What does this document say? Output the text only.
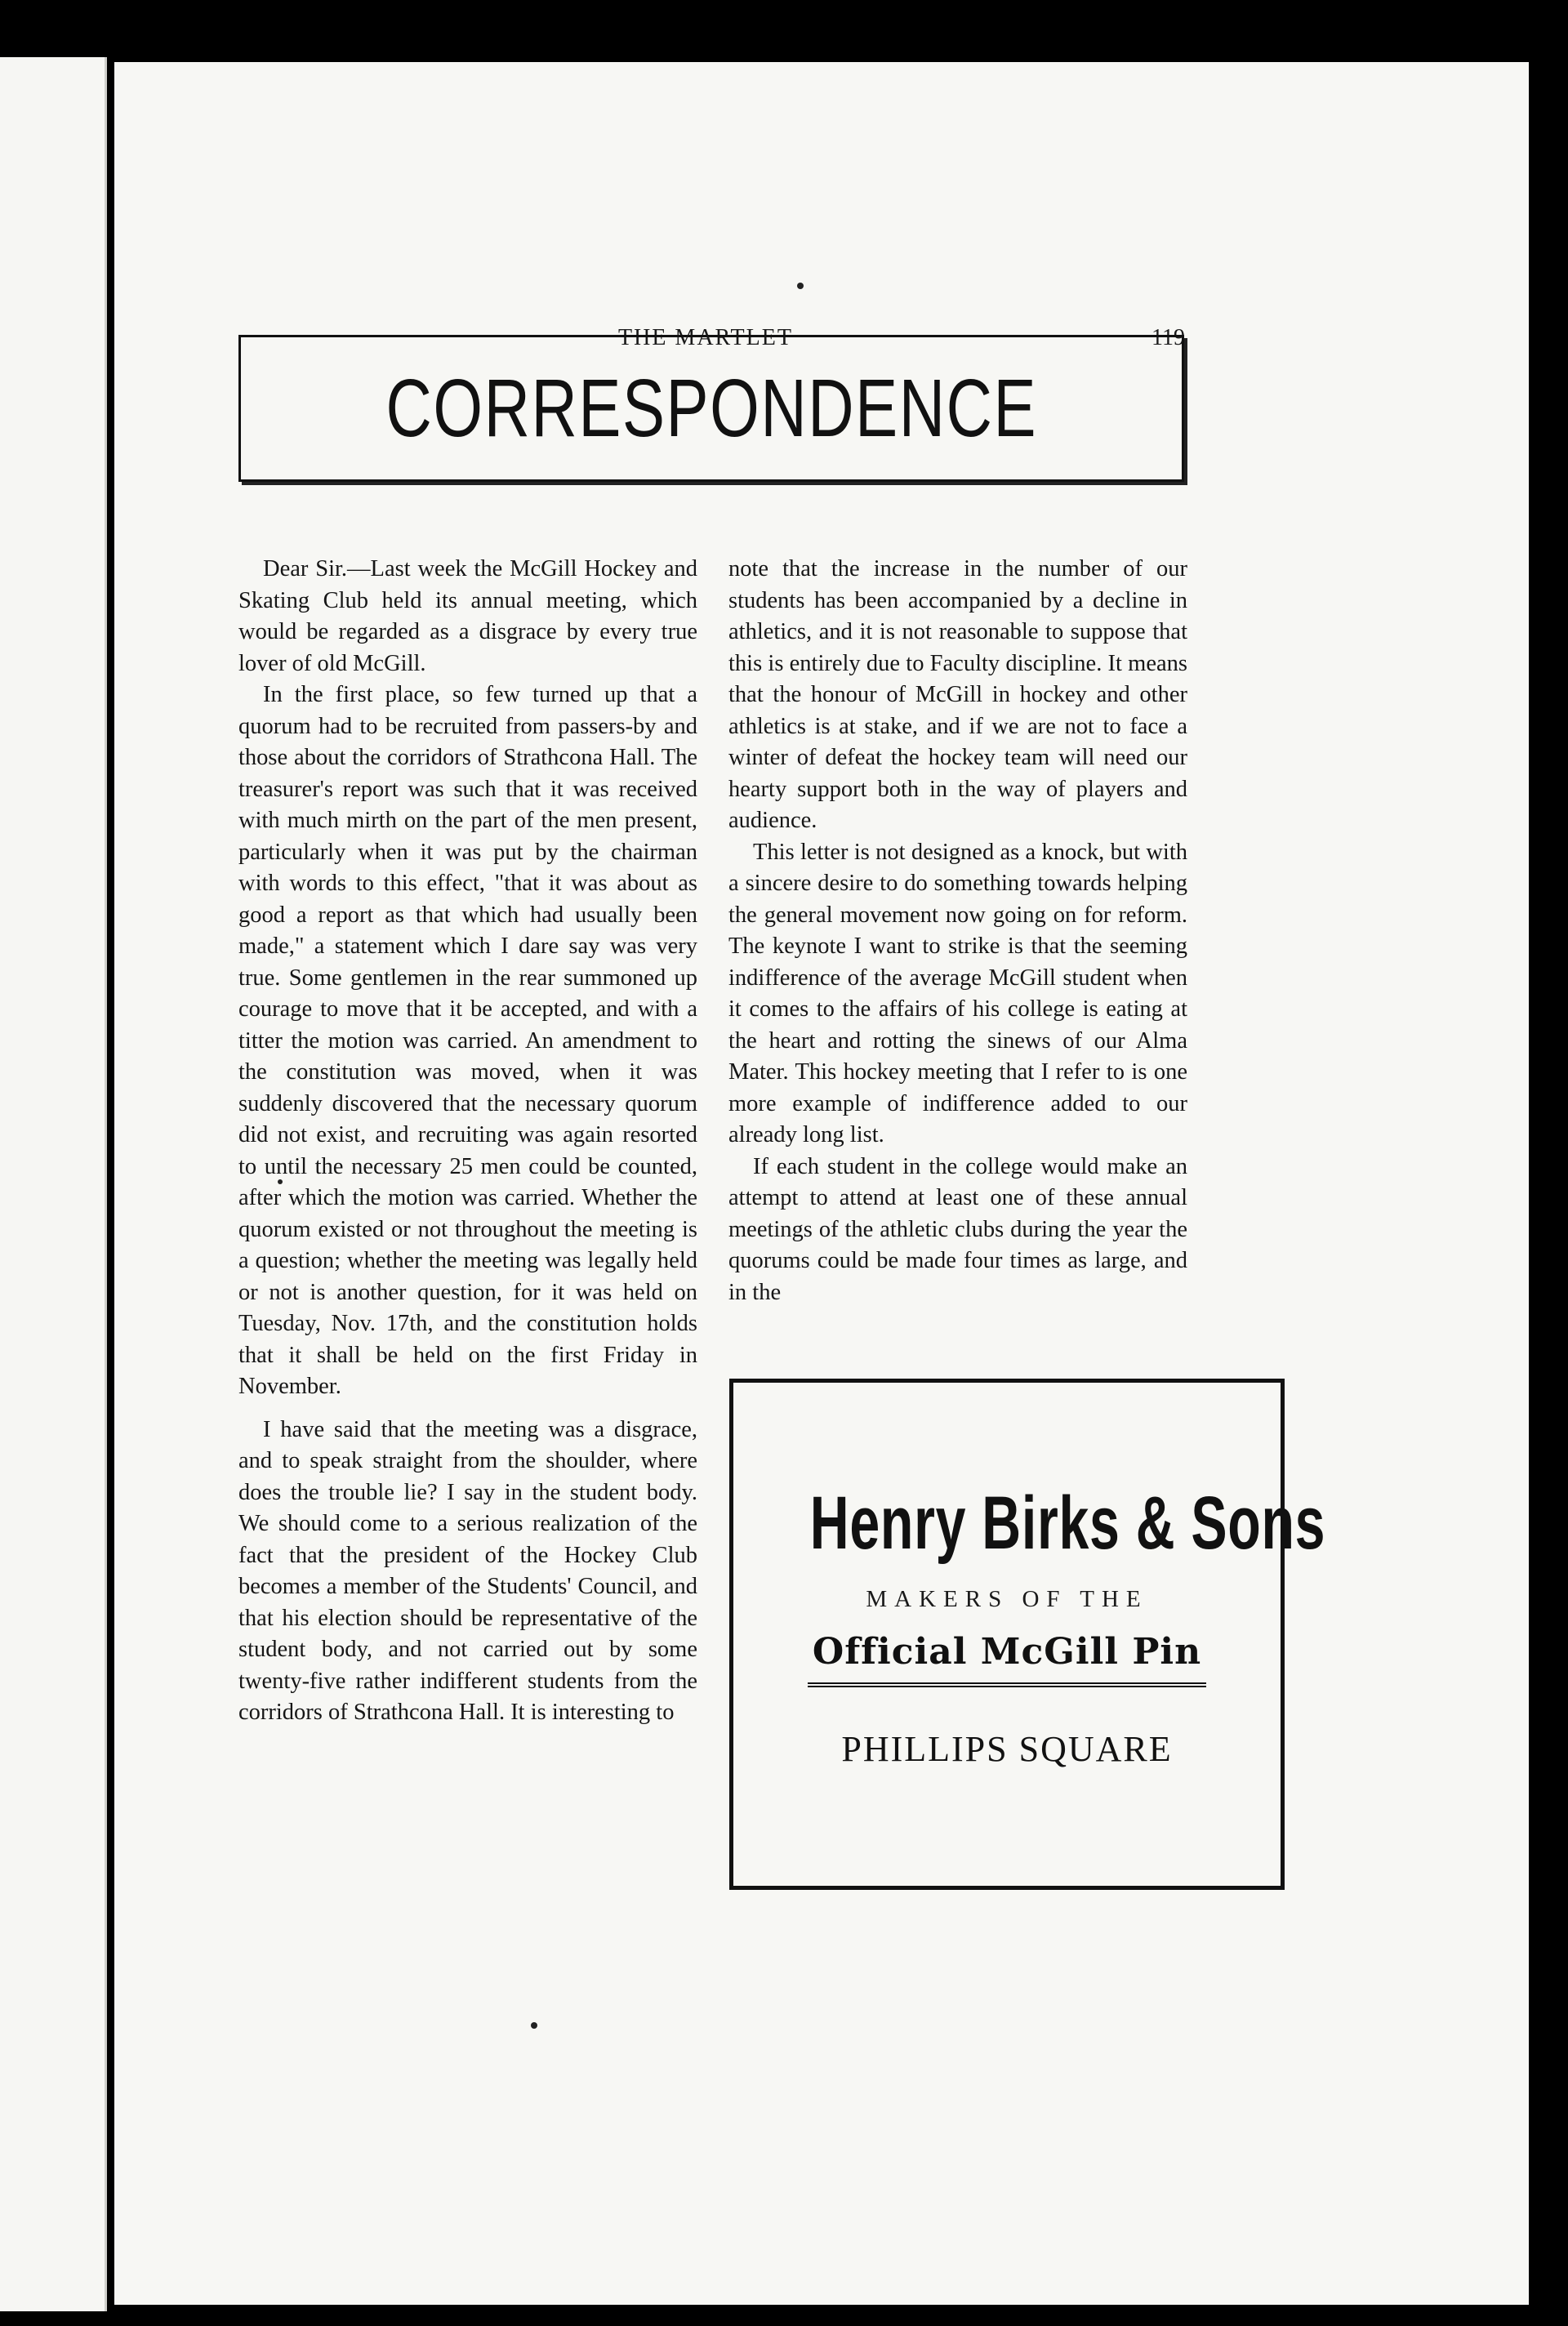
THE MARTLET	119
CORRESPONDENCE

Dear Sir.—Last week the McGill Hockey and Skating Club held its annual meeting, which would be regarded as a disgrace by every true lover of old McGill.

In the first place, so few turned up that a quorum had to be recruited from passers-by and those about the corridors of Strathcona Hall. The treasurer's report was such that it was received with much mirth on the part of the men present, particularly when it was put by the chairman with words to this effect, "that it was about as good a report as that which had usually been made," a statement which I dare say was very true. Some gentlemen in the rear summoned up courage to move that it be accepted, and with a titter the motion was carried. An amendment to the constitution was moved, when it was suddenly discovered that the necessary quorum did not exist, and recruiting was again resorted to until the necessary 25 men could be counted, after which the motion was carried. Whether the quorum existed or not throughout the meeting is a question; whether the meeting was legally held or not is another question, for it was held on Tuesday, Nov. 17th, and the constitution holds that it shall be held on the first Friday in November.

I have said that the meeting was a disgrace, and to speak straight from the shoulder, where does the trouble lie? I say in the student body. We should come to a serious realization of the fact that the president of the Hockey Club becomes a member of the Students' Council, and that his election should be representative of the student body, and not carried out by some twenty-five rather indifferent students from the corridors of Strathcona Hall. It is interesting to

note that the increase in the number of our students has been accompanied by a decline in athletics, and it is not reasonable to suppose that this is entirely due to Faculty discipline. It means that the honour of McGill in hockey and other athletics is at stake, and if we are not to face a winter of defeat the hockey team will need our hearty support both in the way of players and audience.

This letter is not designed as a knock, but with a sincere desire to do something towards helping the general movement now going on for reform. The keynote I want to strike is that the seeming indifference of the average McGill student when it comes to the affairs of his college is eating at the heart and rotting the sinews of our Alma Mater. This hockey meeting that I refer to is one more example of indifference added to our already long list.

If each student in the college would make an attempt to attend at least one of these annual meetings of the athletic clubs during the year the quorums could be made four times as large, and in the

Henry Birks & Sons
MAKERS OF THE
Official McGill Pin
PHILLIPS SQUARE
